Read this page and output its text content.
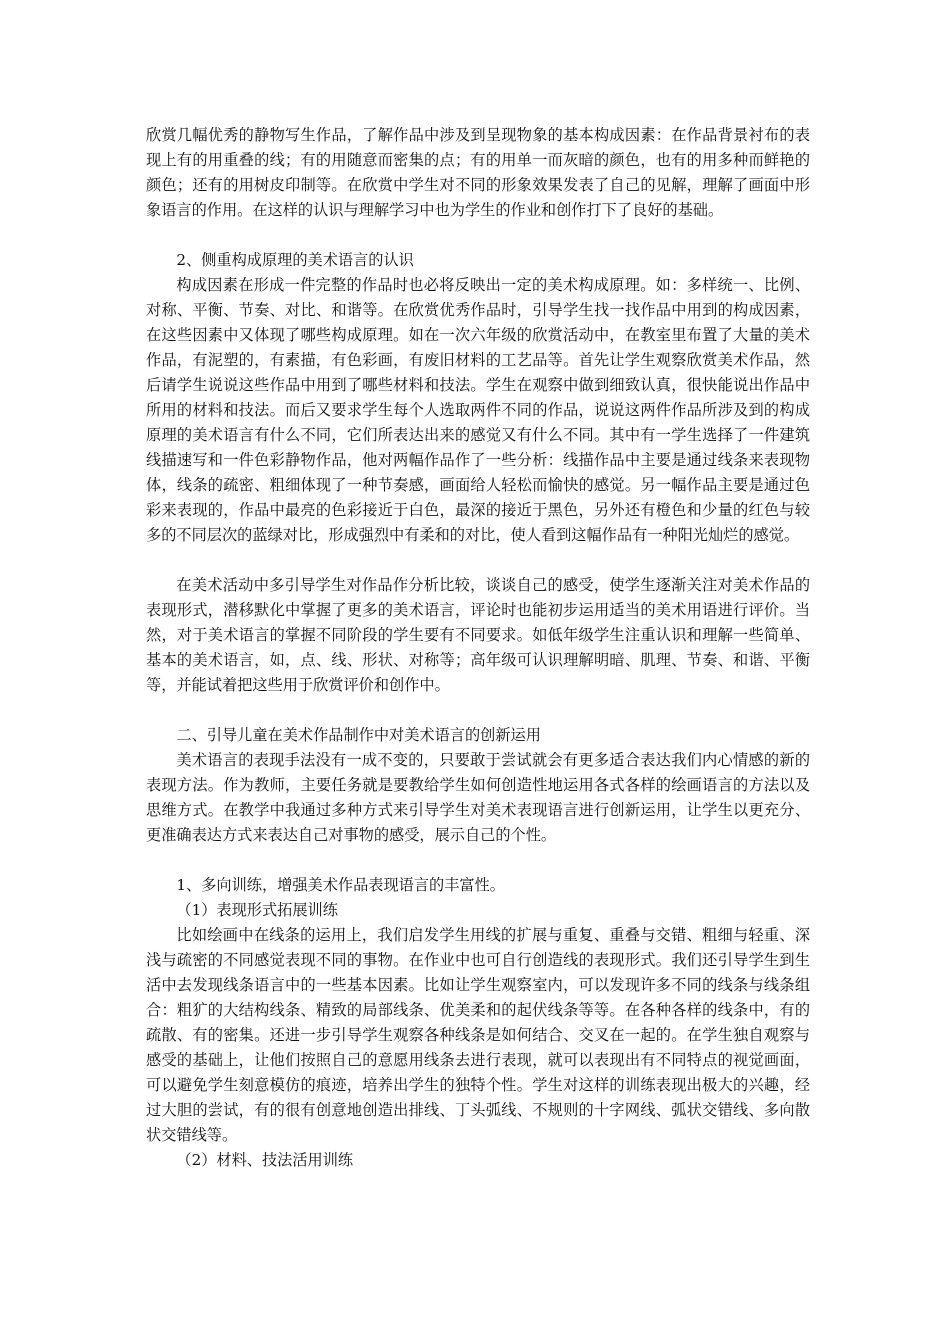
欣赏几幅优秀的静物写生作品，了解作品中涉及到呈现物象的基本构成因素：在作品背景衬布的表现上有的用重叠的线；有的用随意而密集的点；有的用单一而灰暗的颜色，也有的用多种而鲜艳的颜色；还有的用树皮印制等。在欣赏中学生对不同的形象效果发表了自己的见解，理解了画面中形象语言的作用。在这样的认识与理解学习中也为学生的作业和创作打下了良好的基础。

2、侧重构成原理的美术语言的认识

构成因素在形成一件完整的作品时也必将反映出一定的美术构成原理。如：多样统一、比例、对称、平衡、节奏、对比、和谐等。在欣赏优秀作品时，引导学生找一找作品中用到的构成因素，在这些因素中又体现了哪些构成原理。如在一次六年级的欣赏活动中，在教室里布置了大量的美术作品，有泥塑的，有素描，有色彩画，有废旧材料的工艺品等。首先让学生观察欣赏美术作品，然后请学生说说这些作品中用到了哪些材料和技法。学生在观察中做到细致认真，很快能说出作品中所用的材料和技法。而后又要求学生每个人选取两件不同的作品，说说这两件作品所涉及到的构成原理的美术语言有什么不同，它们所表达出来的感觉又有什么不同。其中有一学生选择了一件建筑线描速写和一件色彩静物作品，他对两幅作品作了一些分析：线描作品中主要是通过线条来表现物体，线条的疏密、粗细体现了一种节奏感，画面给人轻松而愉快的感觉。另一幅作品主要是通过色彩来表现的，作品中最亮的色彩接近于白色，最深的接近于黑色，另外还有橙色和少量的红色与较多的不同层次的蓝绿对比，形成强烈中有柔和的对比，使人看到这幅作品有一种阳光灿烂的感觉。

在美术活动中多引导学生对作品作分析比较，谈谈自己的感受，使学生逐渐关注对美术作品的表现形式，潜移默化中掌握了更多的美术语言，评论时也能初步运用适当的美术用语进行评价。当然，对于美术语言的掌握不同阶段的学生要有不同要求。如低年级学生注重认识和理解一些简单、基本的美术语言，如，点、线、形状、对称等；高年级可认识理解明暗、肌理、节奏、和谐、平衡等，并能试着把这些用于欣赏评价和创作中。

二、引导儿童在美术作品制作中对美术语言的创新运用

美术语言的表现手法没有一成不变的，只要敢于尝试就会有更多适合表达我们内心情感的新的表现方法。作为教师，主要任务就是要教给学生如何创造性地运用各式各样的绘画语言的方法以及思维方式。在教学中我通过多种方式来引导学生对美术表现语言进行创新运用，让学生以更充分、更准确表达方式来表达自己对事物的感受，展示自己的个性。

1、多向训练，增强美术作品表现语言的丰富性。

（1）表现形式拓展训练

比如绘画中在线条的运用上，我们启发学生用线的扩展与重复、重叠与交错、粗细与轻重、深浅与疏密的不同感觉表现不同的事物。在作业中也可自行创造线的表现形式。我们还引导学生到生活中去发现线条语言中的一些基本因素。比如让学生观察室内，可以发现许多不同的线条与线条组合：粗犷的大结构线条、精致的局部线条、优美柔和的起伏线条等等。在各种各样的线条中，有的疏散、有的密集。还进一步引导学生观察各种线条是如何结合、交叉在一起的。在学生独自观察与感受的基础上，让他们按照自己的意愿用线条去进行表现，就可以表现出有不同特点的视觉画面，可以避免学生刻意模仿的痕迹，培养出学生的独特个性。学生对这样的训练表现出极大的兴趣，经过大胆的尝试，有的很有创意地创造出排线、丁头弧线、不规则的十字网线、弧状交错线、多向散状交错线等。

（2）材料、技法活用训练
